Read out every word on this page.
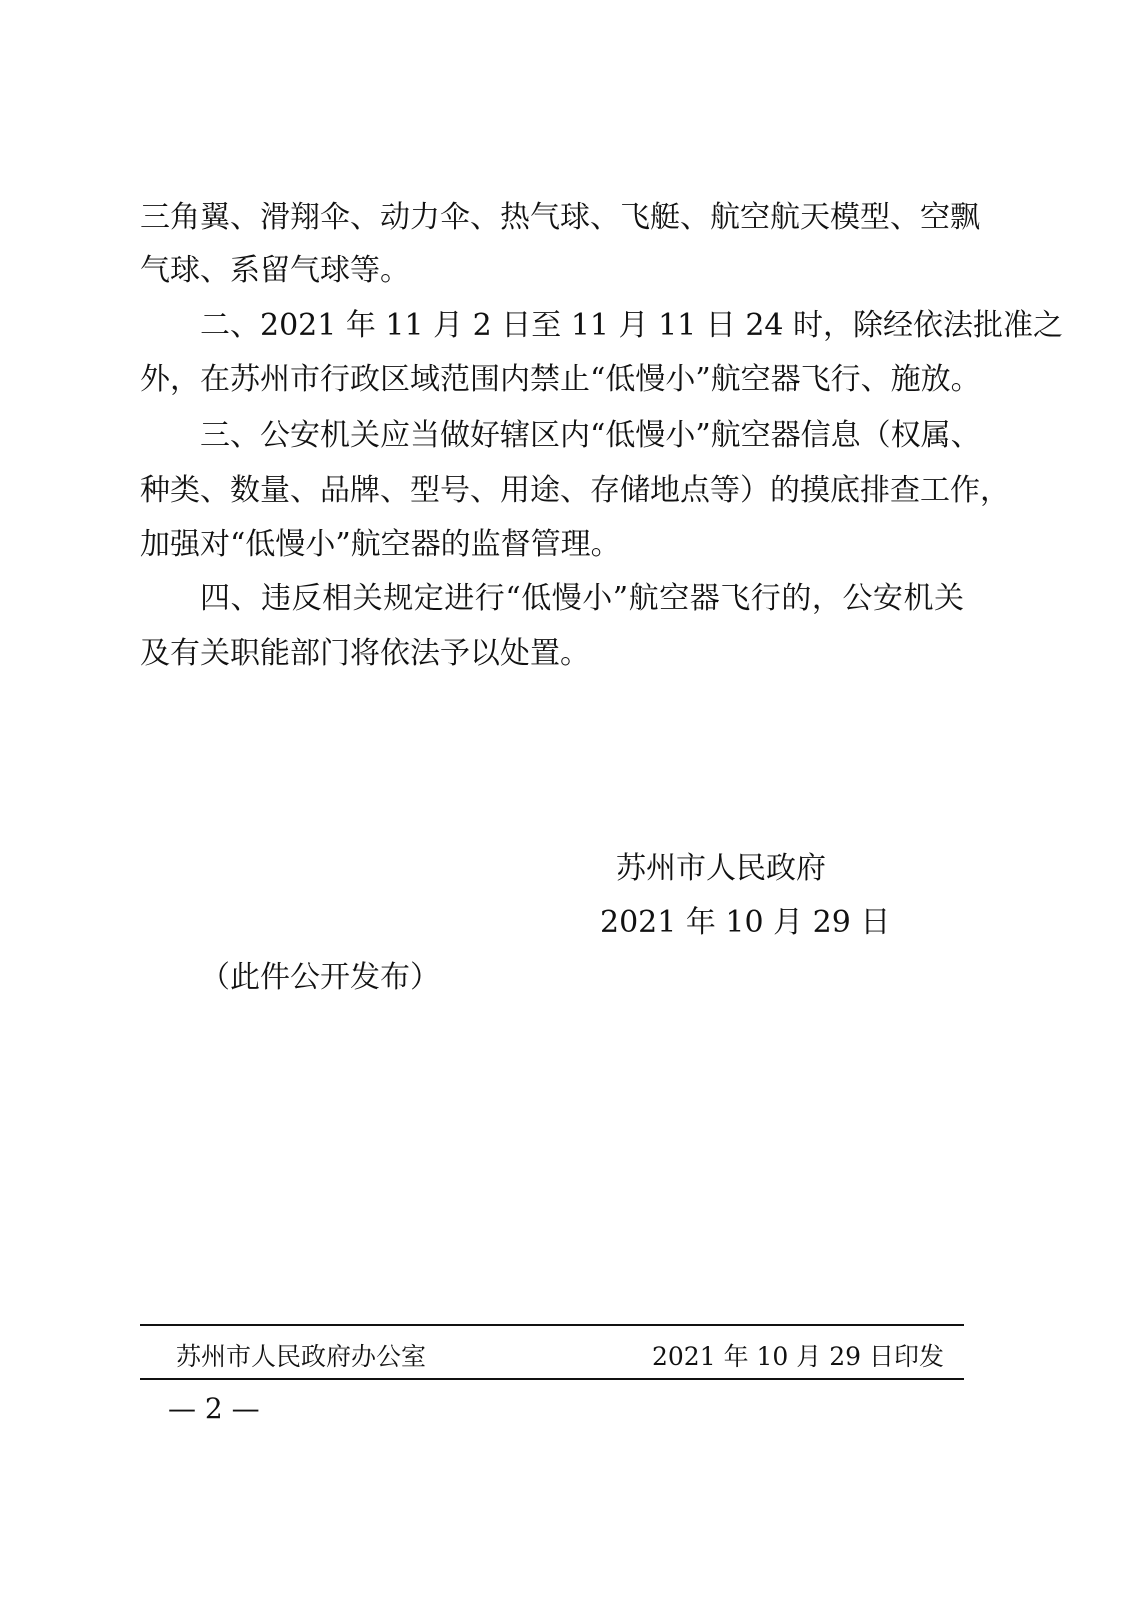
三角翼、滑翔伞、动力伞、热气球、飞艇、航空航天模型、空飘
气球、系留气球等。
二、2021 年 11 月 2 日至 11 月 11 日 24 时，除经依法批准之
外，在苏州市行政区域范围内禁止“低慢小”航空器飞行、施放。
三、公安机关应当做好辖区内“低慢小”航空器信息（权属、
种类、数量、品牌、型号、用途、存储地点等）的摸底排查工作，
加强对“低慢小”航空器的监督管理。
四、违反相关规定进行“低慢小”航空器飞行的，公安机关
及有关职能部门将依法予以处置。
苏州市人民政府
2021 年 10 月 29 日
（此件公开发布）
苏州市人民政府办公室	2021 年 10 月 29 日印发
— 2 —
